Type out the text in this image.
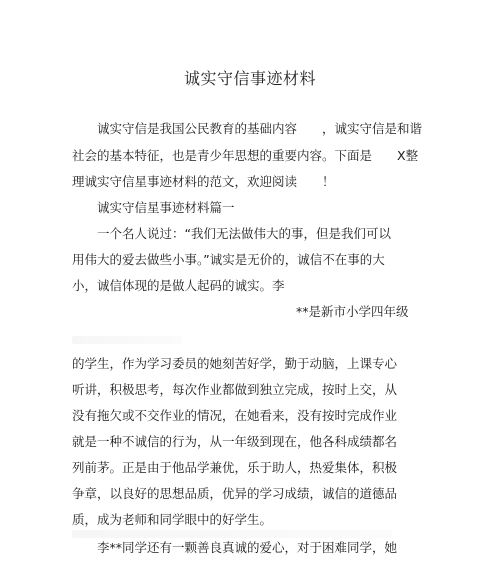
诚实守信事迹材料
诚实守信是我国公民教育的基础内容　　，诚实守信是和谐
社会的基本特征，也是青少年思想的重要内容。下面是　　X整
理诚实守信星事迹材料的范文，欢迎阅读　　！
诚实守信星事迹材料篇一
一个名人说过：“我们无法做伟大的事，但是我们可以
用伟大的爱去做些小事。”诚实是无价的，诚信不在事的大
小，诚信体现的是做人起码的诚实。李
**是新市小学四年级
的学生，作为学习委员的她刻苦好学，勤于动脑，上课专心
听讲，积极思考，每次作业都做到独立完成，按时上交，从
没有拖欠或不交作业的情况，在她看来，没有按时完成作业
就是一种不诚信的行为，从一年级到现在，他各科成绩都名
列前茅。正是由于他品学兼优，乐于助人，热爱集体，积极
争章，以良好的思想品质，优异的学习成绩，诚信的道德品
质，成为老师和同学眼中的好学生。
李**同学还有一颗善良真诚的爱心，对于困难同学，她
